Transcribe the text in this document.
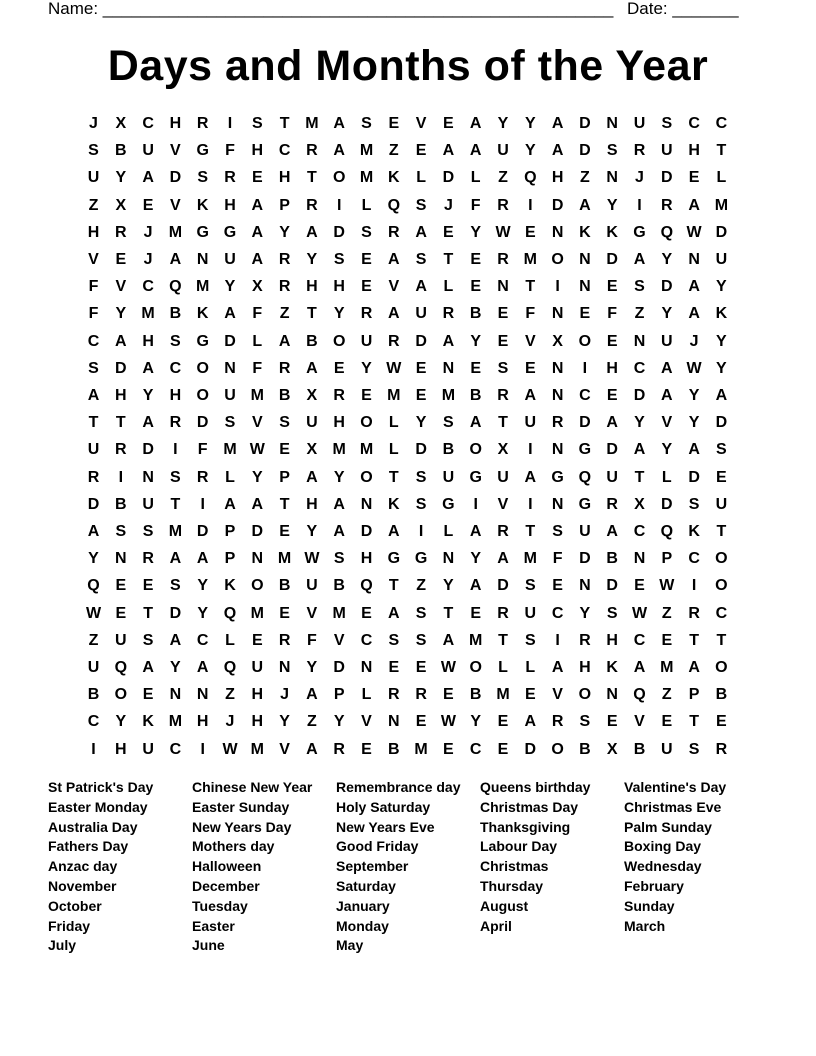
Name: ______________________________________________________ Date: _______
Days and Months of the Year
J	X	C H R	I	S	T M A	S	E	V	E	A	Y	Y	A D N U	S	C C
S	B U	V G	F	H C R A M Z	E	A A U	Y	A D	S	R U H	T
U	Y	A D	S	R	E	H	T	O M K	L	D	L	Z	Q H	Z	N	J	D	E	L
Z	X	E	V	K H A	P	R	I	L	Q S	J	F	R	I	D A	Y	I	R A M
H R	J	M G G A	Y	A D	S	R A	E	Y W E	N K K G Q W D
V	E	J	A N U A R	Y	S	E	A	S	T	E	R M O N D A	Y	N U
F	V	C Q M Y	X	R H H	E	V	A	L	E	N	T	I	N	E	S	D A	Y
F	Y M B K A	F	Z	T	Y	R A U R B	E	F	N	E	F	Z	Y	A K
C A H	S G D	L	A B O U R D A	Y	E	V	X O E	N U	J	Y
S	D A C O N	F	R A	E	Y W E	N	E	S	E	N	I	H C A W Y
A H	Y	H O U M B	X	R	E M E M B R A N C	E	D A	Y	A
T	T	A R D	S	V	S	U H O	L	Y	S	A	T	U R D A	Y	V	Y	D
U R D	I	F M W E	X M M L	D B O X	I	N G D A	Y	A	S
R	I	N	S	R	L	Y	P	A	Y O	T	S	U G U A G Q U	T	L	D	E
D B U	T	I	A A	T	H A N K	S G	I	V	I	N G R	X	D	S	U
A	S	S M D	P	D	E	Y	A D A	I	L	A R	T	S	U A C Q K	T
Y	N R A A	P	N M W S	H G G N	Y	A M F	D B N	P	C O
Q E	E	S	Y	K O B U B Q	T	Z	Y	A D	S	E	N D	E W	I	O
W E	T	D	Y Q M E	V M E	A	S	T	E	R U C	Y	S W Z	R C
Z	U	S	A C	L	E	R	F	V	C	S	S	A M T	S	I	R H C	E	T	T
U Q A	Y	A Q U N	Y	D N	E	E W O	L	L	A H K A M A O
B O E	N N	Z	H	J	A	P	L	R R	E	B M E	V O N Q	Z	P	B
C	Y	K M H	J	H	Y	Z	Y	V	N	E W Y	E	A R	S	E	V	E	T	E
I	H U C	I	W M V	A R	E	B M E	C	E	D O B	X	B U	S	R
St Patrick's Day
Easter Monday
Australia Day
Fathers Day
Anzac day
November
October
Friday
July
Chinese New Year
Easter Sunday
New Years Day
Mothers day
Halloween
December
Tuesday
Easter
June
Remembrance day
Holy Saturday
New Years Eve
Good Friday
September
Saturday
January
Monday
May
Queens birthday
Christmas Day
Thanksgiving
Labour Day
Christmas
Thursday
August
April
Valentine's Day
Christmas Eve
Palm Sunday
Boxing Day
Wednesday
February
Sunday
March
